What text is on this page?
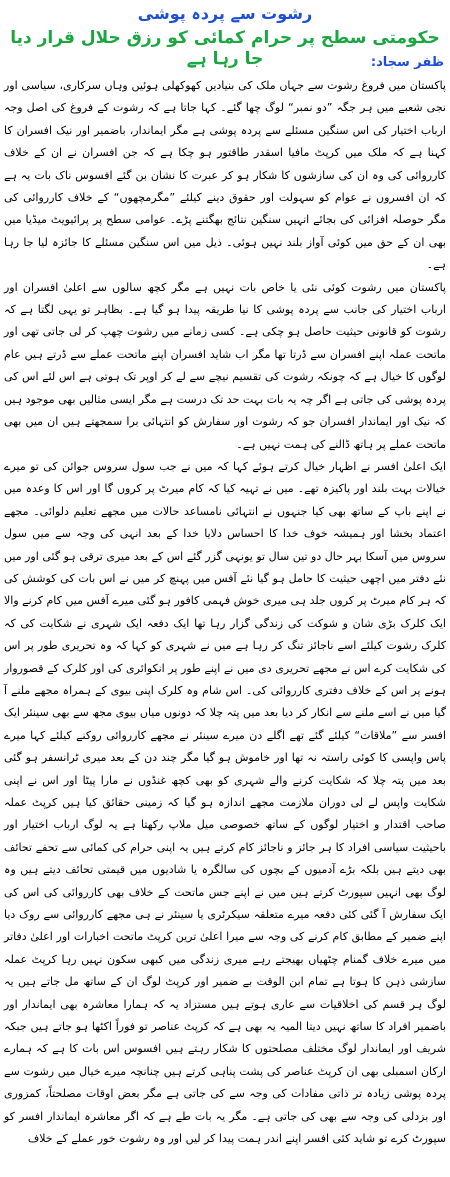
رشوت سے پردہ پوشی
حکومتی سطح پر حرام کمائی کو رزق حلال قرار دیا جا رہا ہے	ظفر سجاد:

پاکستان میں فروغ رشوت سے جہاں ملک کی بنیادیں کھوکھلی ہوئیں وہاں سرکاری، سیاسی اور نجی شعبے میں ہر جگہ ”دو نمبر“ لوگ چھا گئے۔ کہا جاتا ہے کہ رشوت کے فروغ کی اصل وجہ ارباب اختیار کی اس سنگین مسئلے سے پردہ پوشی ہے مگر ایماندار، باضمیر اور نیک افسران کا کہنا ہے کہ ملک میں کرپٹ مافیا اسقدر طاقتور ہو چکا ہے کہ جن افسران نے ان کے خلاف کارروائی کی وہ ان کی سازشوں کا شکار ہو کر عبرت کا نشان بن گئے افسوس ناک بات یہ ہے کہ ان افسروں نے عوام کو سہولت اور حقوق دینے کیلئے ”مگرمچھوں“ کے خلاف کارروائی کی مگر حوصلہ افزائی کی بجائے انہیں سنگین نتائج بھگتنے پڑے۔ عوامی سطح پر پرائیویٹ میڈیا میں بھی ان کے حق میں کوئی آواز بلند نہیں ہوئی۔ ذیل میں اس سنگین مسئلے کا جائزہ لیا جا رہا ہے۔

پاکستان میں رشوت کوئی نئی یا خاص بات نہیں ہے مگر کچھ سالوں سے اعلیٰ افسران اور ارباب اختیار کی جانب سے پردہ پوشی کا نیا طریقہ پیدا ہو گیا ہے۔ بظاہر تو یہی لگتا ہے کہ رشوت کو قانونی حیثیت حاصل ہو چکی ہے۔ کسی زمانے میں رشوت چھپ کر لی جاتی تھی اور ماتحت عملہ اپنے افسران سے ڈرتا تھا مگر اب شاید افسران اپنے ماتحت عملے سے ڈرتے ہیں عام لوگوں کا خیال ہے کہ چونکہ رشوت کی تقسیم نیچے سے لے کر اوپر تک ہوتی ہے اس لئے اس کی پردہ پوشی کی جاتی ہے اگر چہ یہ بات بہت حد تک درست ہے مگر ایسی مثالیں بھی موجود ہیں کہ نیک اور ایماندار افسران جو کہ رشوت اور سفارش کو انتہائی برا سمجھتے ہیں ان میں بھی ماتحت عملے پر ہاتھ ڈالنے کی ہمت نہیں ہے۔

ایک اعلیٰ افسر نے اظہار خیال کرتے ہوئے کہا کہ میں نے جب سول سروس جوائن کی تو میرے خیالات بہت بلند اور پاکیزہ تھے۔ میں نے تہیہ کیا کہ کام میرٹ پر کروں گا اور اس کا وعدہ میں نے اپنے باپ کے ساتھ بھی کیا جنہوں نے انتہائی نامساعد حالات میں مجھے تعلیم دلوائی۔ مجھے اعتماد بخشا اور ہمیشہ خوف خدا کا احساس دلایا خدا کے بعد انہی کی وجہ سے میں سول سروس میں آسکا بہر حال دو تین سال تو یونہی گزر گئے اس کے بعد میری ترقی ہو گئی اور میں نئے دفتر میں اچھی حیثیت کا حامل ہو گیا نئے آفس میں پہنچ کر میں نے اس بات کی کوشش کی کہ ہر کام میرٹ پر کروں جلد ہی میری خوش فہمی کافور ہو گئی میرے آفس میں کام کرنے والا ایک کلرک بڑی شان و شوکت کی زندگی گزار رہا تھا ایک دفعہ ایک شہری نے شکایت کی کہ کلرک رشوت کیلئے اسے ناجائز تنگ کر رہا ہے میں نے شہری کو کہا کہ وہ تحریری طور پر اس کی شکایت کرے اس نے مجھے تحریری دی میں نے اپنے طور پر انکوائری کی اور کلرک کے قصوروار ہونے پر اس کے خلاف دفتری کارروائی کی۔ اس شام وہ کلرک اپنی بیوی کے ہمراہ مجھے ملنے آ گیا میں نے اسے ملنے سے انکار کر دیا بعد میں پتہ چلا کہ دونوں میاں بیوی مجھ سے بھی سینئر ایک افسر سے ”ملاقات“ کیلئے گئے تھے اگلے دن میرے سینئر نے مجھے کارروائی روکنے کیلئے کہا میرے پاس واپسی کا کوئی راستہ نہ تھا اور خاموش ہو گیا مگر چند دن کے بعد میری ٹرانسفر ہو گئی بعد میں پتہ چلا کہ شکایت کرنے والے شہری کو بھی کچھ غنڈوں نے مارا پیٹا اور اس نے اپنی شکایت واپس لے لی دوران ملازمت مجھے اندازہ ہو گیا کہ زمینی حقائق کیا ہیں کرپٹ عملہ صاحب اقتدار و اختیار لوگوں کے ساتھ خصوصی میل ملاپ رکھتا ہے یہ لوگ ارباب اختیار اور باحیثیت سیاسی افراد کا ہر جائز و ناجائز کام کرتے ہیں یہ اپنی حرام کی کمائی سے تحفے تحائف بھی دیتے ہیں بلکہ بڑے آدمیوں کے بچوں کی سالگرہ یا شادیوں میں قیمتی تحائف دیتے ہیں وہ لوگ بھی انہیں سپورٹ کرتے ہیں میں نے اپنے جس ماتحت کے خلاف بھی کارروائی کی اس کی ایک سفارش آ گئی کئی دفعہ میرے متعلقہ سیکرٹری یا سینئر نے ہی مجھے کارروائی سے روک دیا اپنے ضمیر کے مطابق کام کرنے کی وجہ سے میرا اعلیٰ ترین کرپٹ ماتحت اخبارات اور اعلیٰ دفاتر میں میرے خلاف گمنام چٹھیاں بھیجتے رہے میری زندگی میں کبھی سکون نہیں رہا کرپٹ عملہ سازشی ذہن کا ہوتا ہے تمام ابن الوقت بے ضمیر اور کرپٹ لوگ ان کے ساتھ مل جاتے ہیں یہ لوگ ہر قسم کی اخلاقیات سے عاری ہوتے ہیں مستزاد یہ کہ ہمارا معاشرہ بھی ایماندار اور باضمیر افراد کا ساتھ نہیں دیتا المیہ یہ بھی ہے کہ کرپٹ عناصر تو فوراً اکٹھا ہو جاتے ہیں جبکہ شریف اور ایماندار لوگ مختلف مصلحتوں کا شکار رہتے ہیں افسوس اس بات کا ہے کہ ہمارے ارکان اسمبلی بھی ان کرپٹ عناصر کی پشت پناہی کرتے ہیں چنانچہ میرے خیال میں رشوت سے پردہ پوشی زیادہ تر ذاتی مفادات کی وجہ سے کی جاتی ہے مگر بعض اوقات مصلحتاً، کمزوری اور بزدلی کی وجہ سے بھی کی جاتی ہے۔ مگر یہ بات طے ہے کہ اگر معاشرہ ایماندار افسر کو سپورٹ کرے تو شاید کئی افسر اپنے اندر ہمت پیدا کر لیں اور وہ رشوت خور عملے کے خلاف
